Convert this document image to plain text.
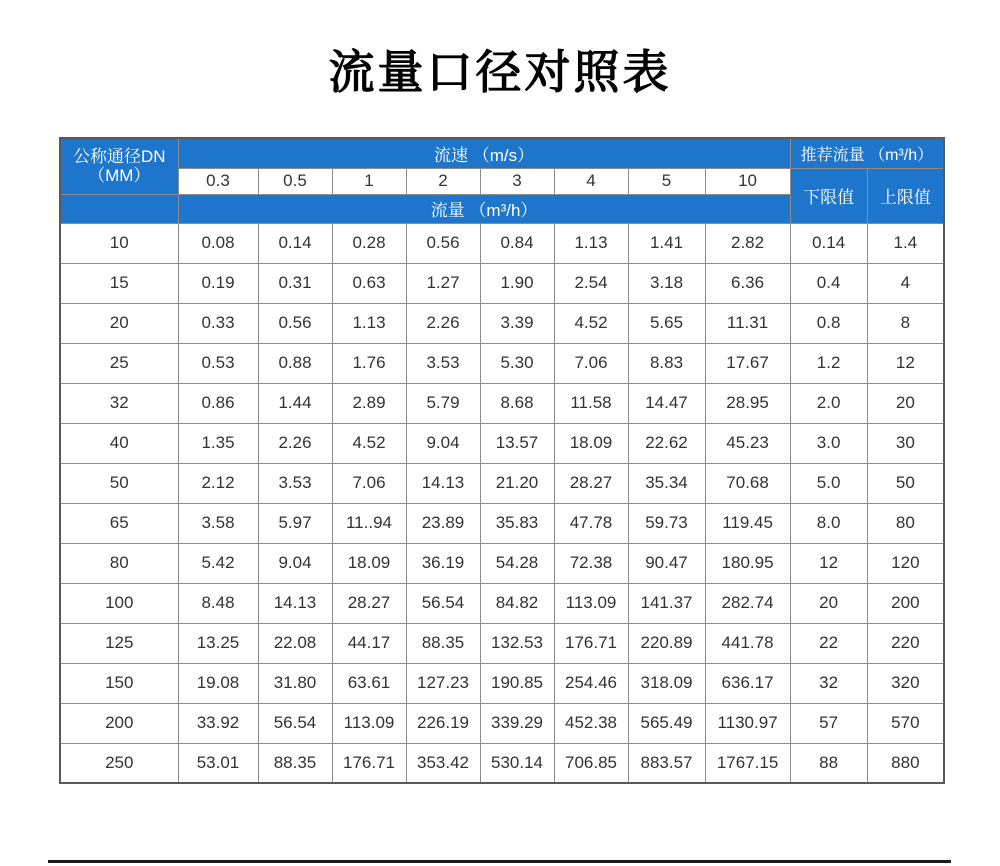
流量口径对照表
公称通径DN
（MM）	流速 （m/s）								推荐流量 （m³/h）	
	0.3	0.5	1	2	3	4	5	10	下限值	上限值
	流量 （m³/h）									
10	0.08	0.14	0.28	0.56	0.84	1.13	1.41	2.82	0.14	1.4
15	0.19	0.31	0.63	1.27	1.90	2.54	3.18	6.36	0.4	4
20	0.33	0.56	1.13	2.26	3.39	4.52	5.65	11.31	0.8	8
25	0.53	0.88	1.76	3.53	5.30	7.06	8.83	17.67	1.2	12
32	0.86	1.44	2.89	5.79	8.68	11.58	14.47	28.95	2.0	20
40	1.35	2.26	4.52	9.04	13.57	18.09	22.62	45.23	3.0	30
50	2.12	3.53	7.06	14.13	21.20	28.27	35.34	70.68	5.0	50
65	3.58	5.97	11..94	23.89	35.83	47.78	59.73	119.45	8.0	80
80	5.42	9.04	18.09	36.19	54.28	72.38	90.47	180.95	12	120
100	8.48	14.13	28.27	56.54	84.82	113.09	141.37	282.74	20	200
125	13.25	22.08	44.17	88.35	132.53	176.71	220.89	441.78	22	220
150	19.08	31.80	63.61	127.23	190.85	254.46	318.09	636.17	32	320
200	33.92	56.54	113.09	226.19	339.29	452.38	565.49	1130.97	57	570
250	53.01	88.35	176.71	353.42	530.14	706.85	883.57	1767.15	88	880
